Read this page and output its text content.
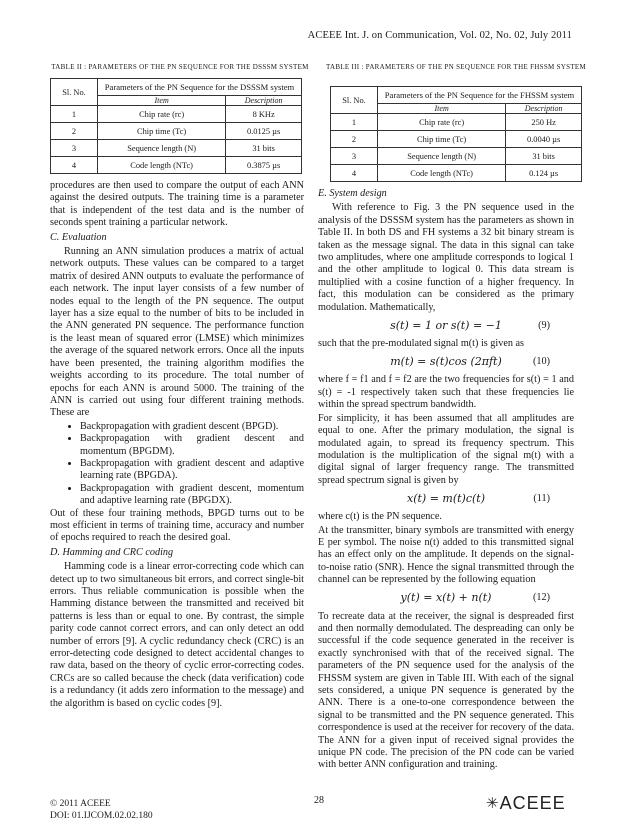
ACEEE Int. J. on Communication, Vol. 02, No. 02, July 2011
TABLE II : PARAMETERS OF THE PN SEQUENCE FOR THE DSSSM SYSTEM
Sl. No.	Parameters of the PN Sequence for the DSSSM system	
	Item	Description
1	Chip rate (rc)	8 KHz
2	Chip time (Tc)	0.0125 µs
3	Sequence length (N)	31 bits
4	Code length (NTc)	0.3875 µs
TABLE III : PARAMETERS OF THE PN SEQUENCE FOR THE FHSSM SYSTEM
Sl. No.	Parameters of the PN Sequence for the FHSSM system	
	Item	Description
1	Chip rate (rc)	250 Hz
2	Chip time (Tc)	0.0040 µs
3	Sequence length (N)	31 bits
4	Code length (NTc)	0.124 µs

procedures are then used to compare the output of each ANN against the desired outputs. The training time is a parameter that is independent of the test data and is the number of seconds spent training a particular network.

C. Evaluation

Running an ANN simulation produces a matrix of actual network outputs. These values can be compared to a target matrix of desired ANN outputs to evaluate the performance of each network. The input layer consists of a few number of nodes equal to the length of the PN sequence. The output layer has a size equal to the number of bits to be included in the ANN generated PN sequence. The performance function is the least mean of squared error (LMSE) which minimizes the average of the squared network errors. Once all the inputs have been presented, the training algorithm modifies the weights according to its procedure. The total number of epochs for each ANN is around 5000. The training of the ANN is carried out using four different training methods. These are

• Backpropagation with gradient descent (BPGD).
• Backpropagation with gradient descent and momentum (BPGDM).
• Backpropagation with gradient descent and adaptive learning rate (BPGDA).
• Backpropagation with gradient descent, momentum and adaptive learning rate (BPGDX).

Out of these four training methods, BPGD turns out to be most efficient in terms of training time, accuracy and number of epochs required to reach the desired goal.

D. Hamming and CRC coding

Hamming code is a linear error-correcting code which can detect up to two simultaneous bit errors, and correct single-bit errors. Thus reliable communication is possible when the Hamming distance between the transmitted and received bit patterns is less than or equal to one. By contrast, the simple parity code cannot correct errors, and can only detect an odd number of errors [9]. A cyclic redundancy check (CRC) is an error-detecting code designed to detect accidental changes to raw data, based on the theory of cyclic error-correcting codes. CRCs are so called because the check (data verification) code is a redundancy (it adds zero information to the message) and the algorithm is based on cyclic codes [9].

E. System design

With reference to Fig. 3 the PN sequence used in the analysis of the DSSSM system has the parameters as shown in Table II. In both DS and FH systems a 32 bit binary stream is taken as the message signal. The data in this signal can take two amplitudes, where one amplitude corresponds to logical 1 and the other amplitude to logical 0. This data stream is multiplied with a cosine function of a higher frequency. In fact, this modulation can be considered as the primary modulation. Mathematically,

s(t) = 1 or s(t) = −1	(9)

such that the pre-modulated signal m(t) is given as

m(t) = s(t)cos (2πft)	(10)

where f = f1 and f = f2 are the two frequencies for s(t) = 1 and s(t) = -1 respectively taken such that these frequencies lie within the spread spectrum bandwidth.

For simplicity, it has been assumed that all amplitudes are equal to one. After the primary modulation, the signal is modulated again, to spread its frequency spectrum. This modulation is the multiplication of the signal m(t) with a digital signal of larger frequency range. The transmitted spread spectrum signal is given by

x(t) = m(t)c(t)	(11)

where c(t) is the PN sequence.

At the transmitter, binary symbols are transmitted with energy E per symbol. The noise n(t) added to this transmitted signal has an effect only on the amplitude. It depends on the signal-to-noise ratio (SNR). Hence the signal transmitted through the channel can be represented by the following equation

y(t) = x(t) + n(t)	(12)

To recreate data at the receiver, the signal is despreaded first and then normally demodulated. The despreading can only be successful if the code sequence generated in the receiver is exactly synchronised with that of the received signal. The parameters of the PN sequence used for the analysis of the FHSSM system are given in Table III. With each of the signal sets considered, a unique PN sequence is generated by the ANN. There is a one-to-one correspondence between the signal to be transmitted and the PN sequence generated. This correspondence is used at the receiver for recovery of the data. The ANN for a given input of received signal provides the unique PN code. The precision of the PN code can be varied with better ANN configuration and training.

© 2011 ACEEE
DOI: 01.IJCOM.02.02.180
28	✳ACEEE
